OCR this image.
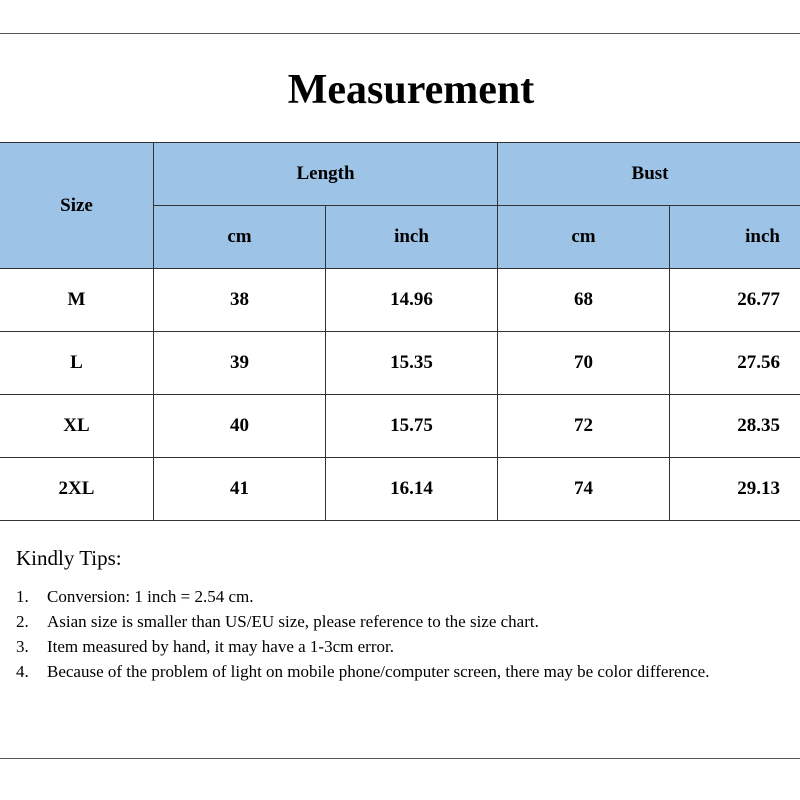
Measurement
Size	Length		Bust	
	cm	inch	cm	inch
M	38	14.96	68	26.77
L	39	15.35	70	27.56
XL	40	15.75	72	28.35
2XL	41	16.14	74	29.13
Kindly Tips:
1. Conversion: 1 inch = 2.54 cm.
2. Asian size is smaller than US/EU size, please reference to the size chart.
3. Item measured by hand, it may have a 1-3cm error.
4. Because of the problem of light on mobile phone/computer screen, there may be color difference.
